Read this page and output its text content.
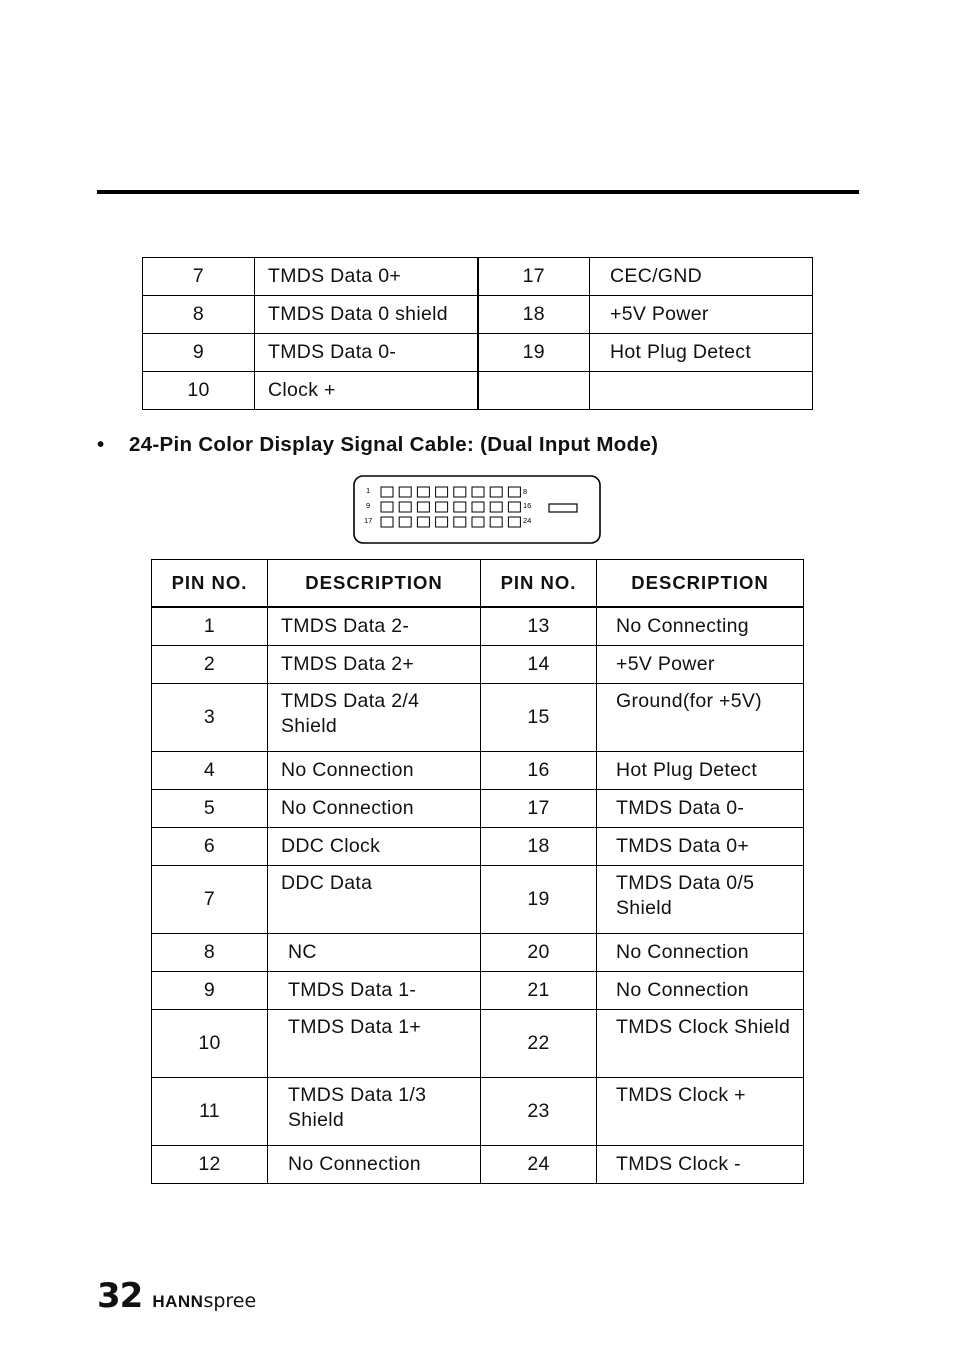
7	TMDS Data 0+	17	CEC/GND
8	TMDS Data 0 shield	18	+5V Power
9	TMDS Data 0-	19	Hot Plug Detect
10	Clock +		

• 24-Pin Color Display Signal Cable: (Dual Input Mode)

1
9
17
8
16
24
PIN NO.	DESCRIPTION	PIN NO.	DESCRIPTION
1	TMDS Data 2-	13	No Connecting
2	TMDS Data 2+	14	+5V Power
3	TMDS Data 2/4 Shield	15	Ground(for +5V)
4	No Connection	16	Hot Plug Detect
5	No Connection	17	TMDS Data 0-
6	DDC Clock	18	TMDS Data 0+
7	DDC Data	19	TMDS Data 0/5 Shield
8	NC	20	No Connection
9	TMDS Data 1-	21	No Connection
10	TMDS Data 1+	22	TMDS Clock Shield
11	TMDS Data 1/3 Shield	23	TMDS Clock +
12	No Connection	24	TMDS Clock -
32 HANNspree
